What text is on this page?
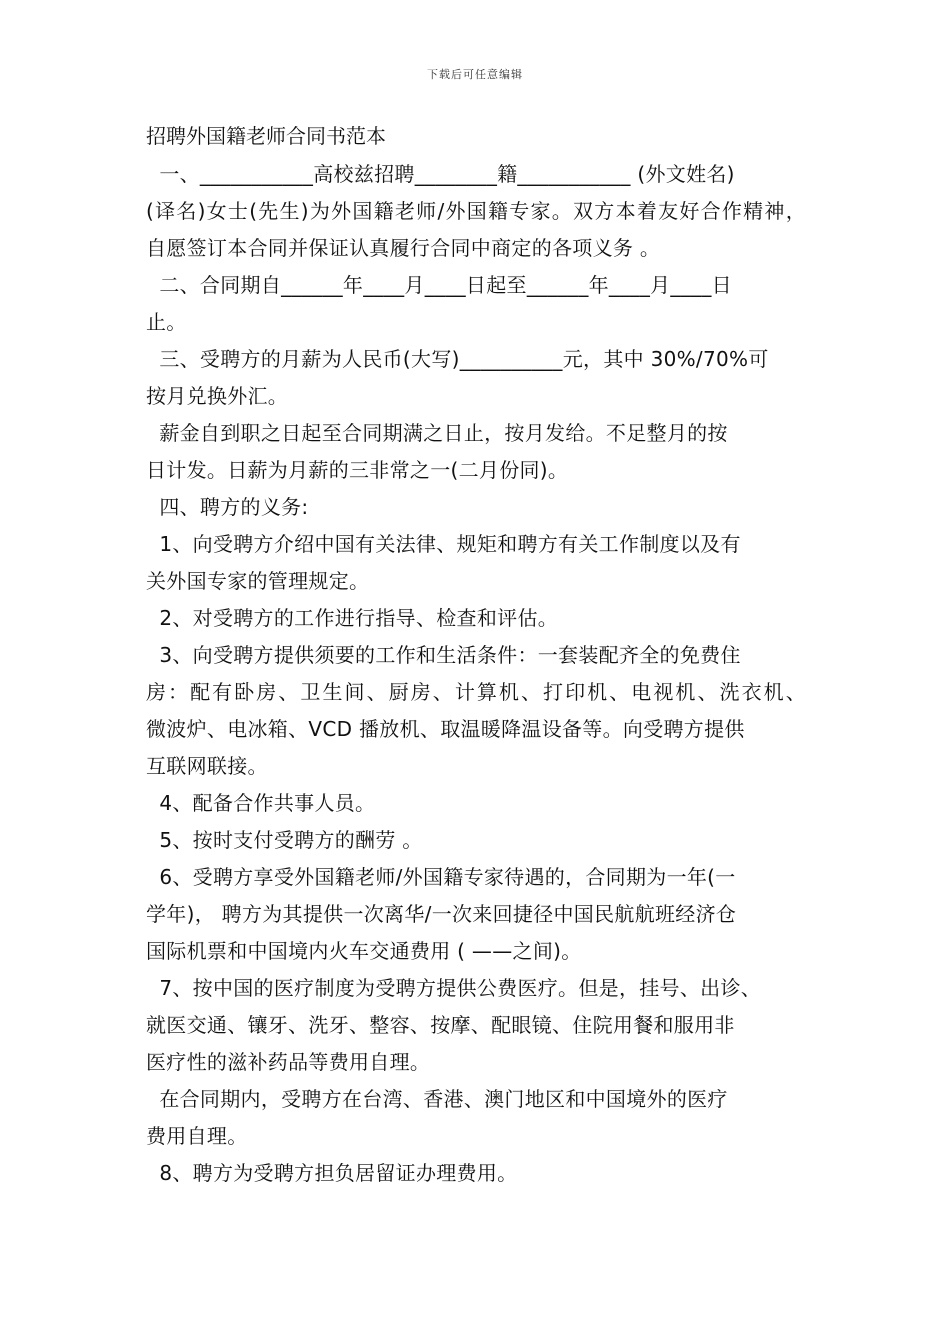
下载后可任意编辑
招聘外国籍老师合同书范本
一、___________高校兹招聘________籍___________ (外文姓名)
(译名)女士(先生)为外国籍老师/外国籍专家。双方本着友好合作精神，
自愿签订本合同并保证认真履行合同中商定的各项义务 。
二、合同期自______年____月____日起至______年____月____日
止。
三、受聘方的月薪为人民币(大写)__________元，其中 30%/70%可
按月兑换外汇。
薪金自到职之日起至合同期满之日止，按月发给。不足整月的按
日计发。日薪为月薪的三非常之一(二月份同)。
四、聘方的义务:
1、向受聘方介绍中国有关法律、规矩和聘方有关工作制度以及有
关外国专家的管理规定。
2、对受聘方的工作进行指导、检查和评估。
3、向受聘方提供须要的工作和生活条件：一套装配齐全的免费住
房：配有卧房、卫生间、厨房、计算机、打印机、电视机、洗衣机、
微波炉、电冰箱、VCD 播放机、取温暖降温设备等。向受聘方提供
互联网联接。
4、配备合作共事人员。
5、按时支付受聘方的酬劳 。
6、受聘方享受外国籍老师/外国籍专家待遇的，合同期为一年(一
学年)， 聘方为其提供一次离华/一次来回捷径中国民航航班经济仓
国际机票和中国境内火车交通费用 ( ——之间)。
7、按中国的医疗制度为受聘方提供公费医疗。但是，挂号、出诊、
就医交通、镶牙、洗牙、整容、按摩、配眼镜、住院用餐和服用非
医疗性的滋补药品等费用自理。
在合同期内，受聘方在台湾、香港、澳门地区和中国境外的医疗
费用自理。
8、聘方为受聘方担负居留证办理费用。
